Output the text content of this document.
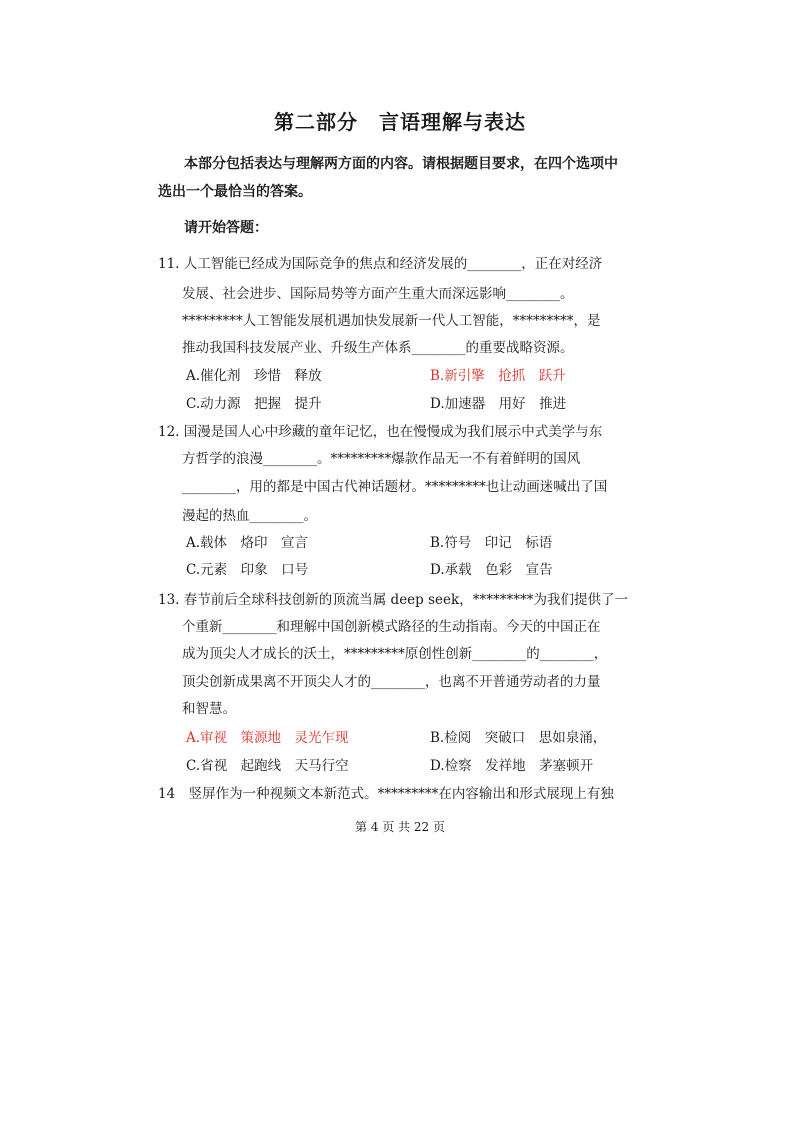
第二部分　言语理解与表达
本部分包括表达与理解两方面的内容。请根据题目要求，在四个选项中
选出一个最恰当的答案。
请开始答题：
11. 人工智能已经成为国际竞争的焦点和经济发展的________，正在对经济
发展、社会进步、国际局势等方面产生重大而深远影响________。
*********人工智能发展机遇加快发展新一代人工智能，*********，是
推动我国科技发展产业、升级生产体系________的重要战略资源。
A.催化剂　珍惜　释放	B.新引擎　抢抓　跃升
C.动力源　把握　提升	D.加速器　用好　推进
12. 国漫是国人心中珍藏的童年记忆，也在慢慢成为我们展示中式美学与东
方哲学的浪漫________。*********爆款作品无一不有着鲜明的国风
________，用的都是中国古代神话题材。*********也让动画迷喊出了国
漫起的热血________。
A.载体　烙印　宣言	B.符号　印记　标语
C.元素　印象　口号	D.承载　色彩　宣告
13. 春节前后全球科技创新的顶流当属 deep seek，*********为我们提供了一
个重新________和理解中国创新模式路径的生动指南。今天的中国正在
成为顶尖人才成长的沃土，*********原创性创新________的________，
顶尖创新成果离不开顶尖人才的________，也离不开普通劳动者的力量
和智慧。
A.审视　策源地　灵光乍现	B.检阅　突破口　思如泉涌，
C.省视　起跑线　天马行空	D.检察　发祥地　茅塞顿开
14　竖屏作为一种视频文本新范式。*********在内容输出和形式展现上有独
第 4 页 共 22 页
